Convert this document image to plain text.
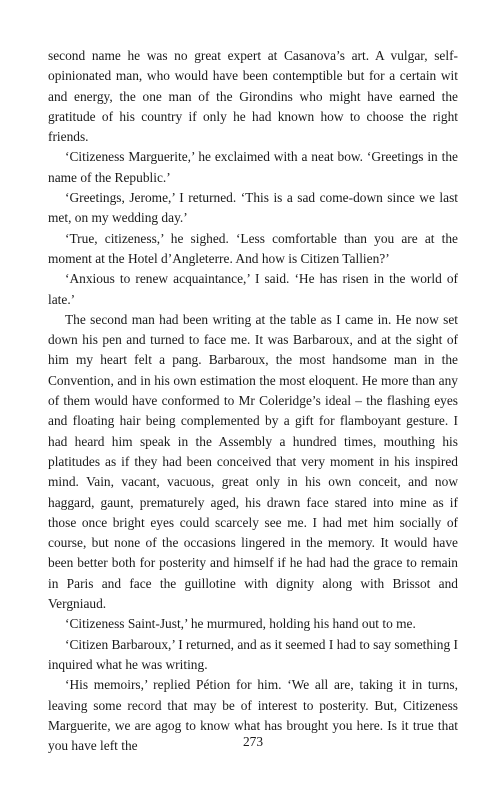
second name he was no great expert at Casanova’s art. A vulgar, self-opinionated man, who would have been contemptible but for a certain wit and energy, the one man of the Girondins who might have earned the gratitude of his country if only he had known how to choose the right friends.

‘Citizeness Marguerite,’ he exclaimed with a neat bow. ‘Greetings in the name of the Republic.’

‘Greetings, Jerome,’ I returned. ‘This is a sad come-down since we last met, on my wedding day.’

‘True, citizeness,’ he sighed. ‘Less comfortable than you are at the moment at the Hotel d’Angleterre. And how is Citizen Tallien?’

‘Anxious to renew acquaintance,’ I said. ‘He has risen in the world of late.’

The second man had been writing at the table as I came in. He now set down his pen and turned to face me. It was Barbaroux, and at the sight of him my heart felt a pang. Barbaroux, the most handsome man in the Convention, and in his own estimation the most eloquent. He more than any of them would have conformed to Mr Coleridge’s ideal – the flashing eyes and floating hair being complemented by a gift for flamboyant gesture. I had heard him speak in the Assembly a hundred times, mouthing his platitudes as if they had been conceived that very moment in his inspired mind. Vain, vacant, vacuous, great only in his own conceit, and now haggard, gaunt, prematurely aged, his drawn face stared into mine as if those once bright eyes could scarcely see me. I had met him socially of course, but none of the occasions lingered in the memory. It would have been better both for posterity and himself if he had had the grace to remain in Paris and face the guillotine with dignity along with Brissot and Vergniaud.

‘Citizeness Saint-Just,’ he murmured, holding his hand out to me.

‘Citizen Barbaroux,’ I returned, and as it seemed I had to say something I inquired what he was writing.

‘His memoirs,’ replied Pétion for him. ‘We all are, taking it in turns, leaving some record that may be of interest to posterity. But, Citizeness Marguerite, we are agog to know what has brought you here. Is it true that you have left the	273
